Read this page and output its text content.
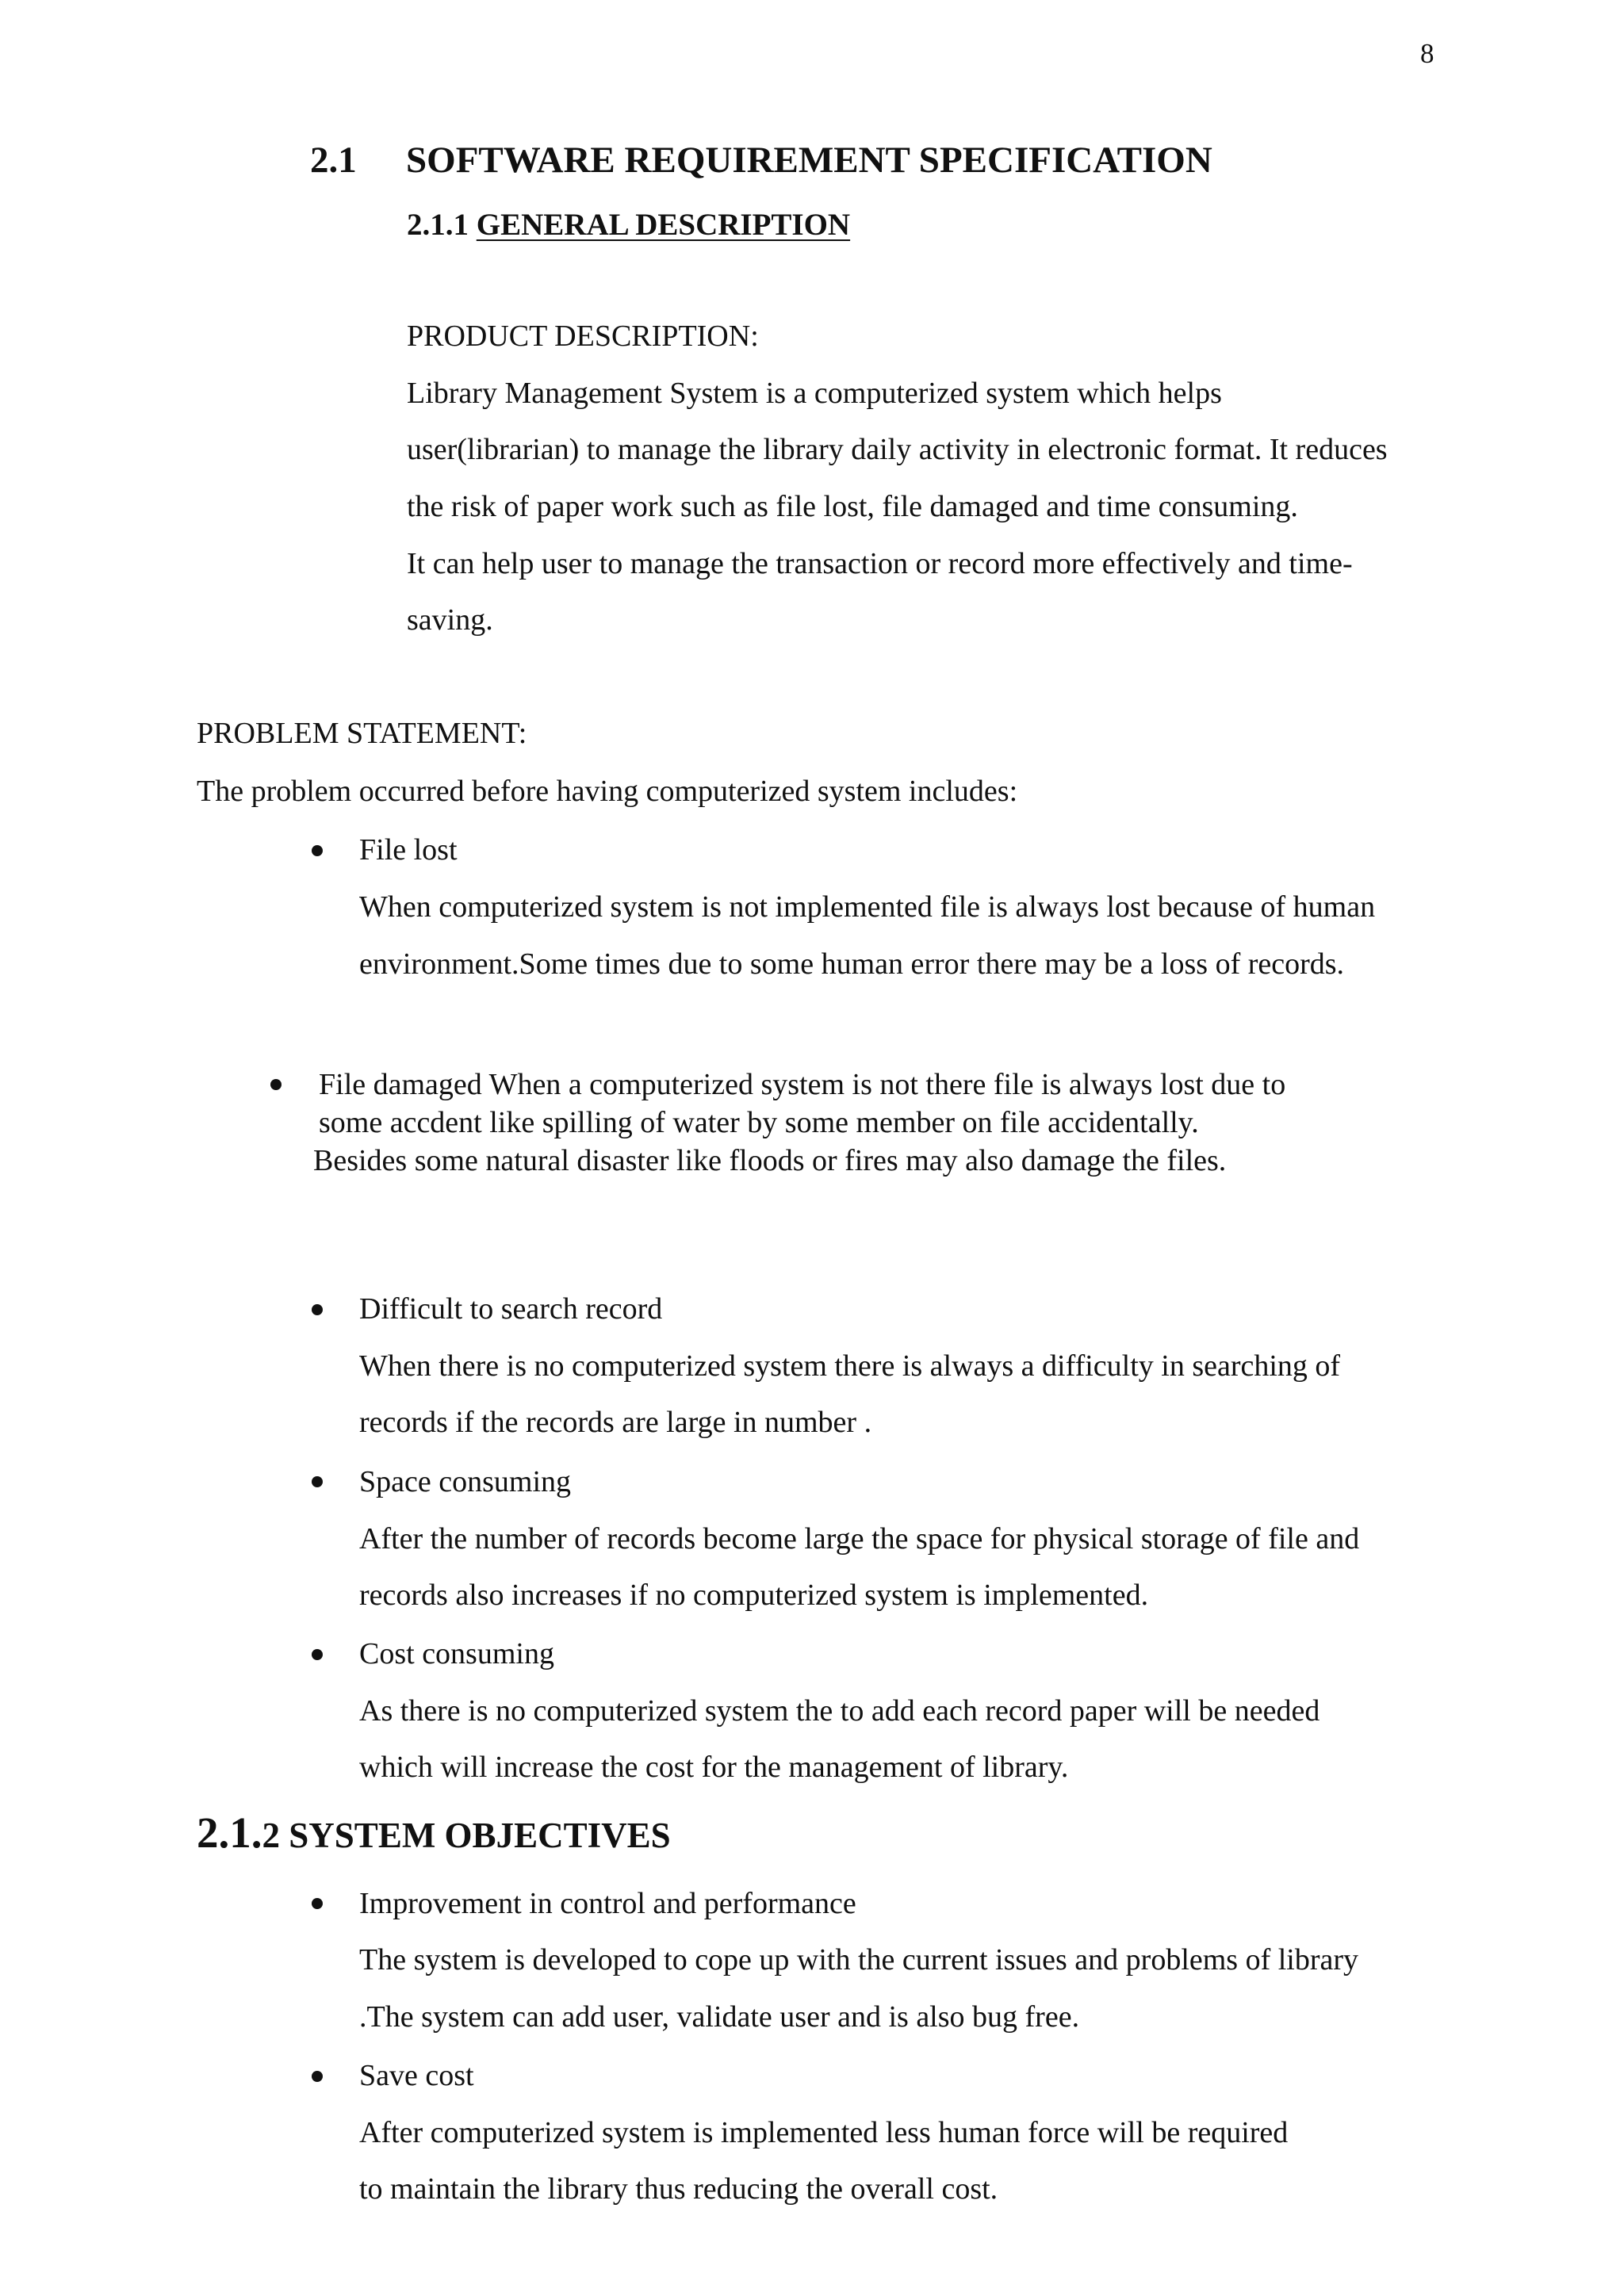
8
2.1 SOFTWARE REQUIREMENT SPECIFICATION
2.1.1 GENERAL DESCRIPTION
PRODUCT DESCRIPTION:
Library Management System is a computerized system which helps
user(librarian) to manage the library daily activity in electronic format. It reduces
the risk of paper work such as file lost, file damaged and time consuming.
It can help user to manage the transaction or record more effectively and time-
saving.
PROBLEM STATEMENT:
The problem occurred before having computerized system includes:
File lost
When computerized system is not implemented file is always lost because of human
environment.Some times due to some human error there may be a loss of records.
File damaged When a computerized system is not there file is always lost due to
some accdent like spilling of water by some member on file accidentally.
Besides some natural disaster like floods or fires may also damage the files.
Difficult to search record
When there is no computerized system there is always a difficulty in searching of
records if the records are large in number .
Space consuming
After the number of records become large the space for physical storage of file and
records also increases if no computerized system is implemented.
Cost consuming
As there is no computerized system the to add each record paper will be needed
which will increase the cost for the management of library.
2.1.2 SYSTEM OBJECTIVES
Improvement in control and performance
The system is developed to cope up with the current issues and problems of library
.The system can add user, validate user and is also bug free.
Save cost
After computerized system is implemented less human force will be required
to maintain the library thus reducing the overall cost.
